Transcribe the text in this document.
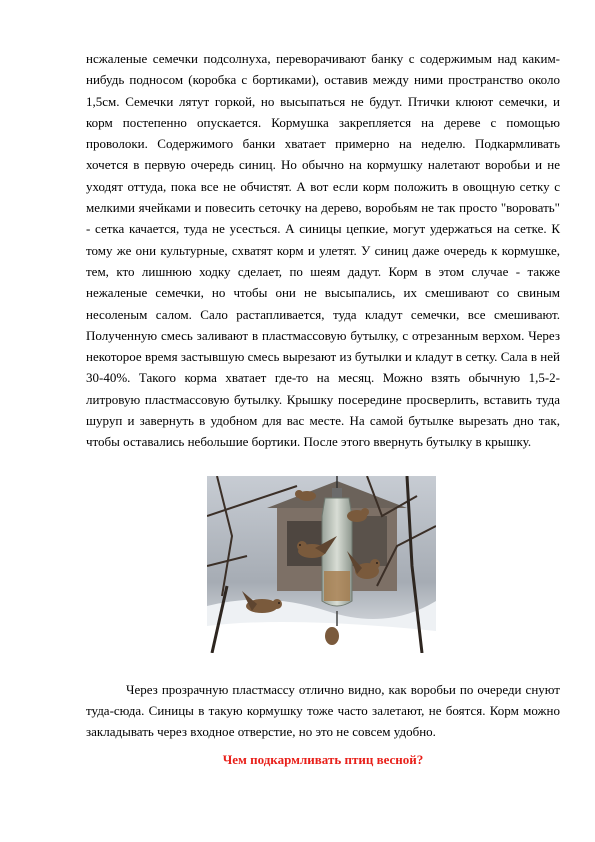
нсжаленые семечки подсолнуха, переворачивают банку с содержимым над каким-нибудь подносом (коробка с бортиками), оставив между ними пространство около 1,5см. Семечки лятут горкой, но высыпаться не будут. Птички клюют семечки, и корм постепенно опускается. Кормушка закрепляется на дереве с помощью проволоки. Содержимого банки хватает примерно на неделю. Подкармливать хочется в первую очередь синиц. Но обычно на кормушку налетают воробьи и не уходят оттуда, пока все не обчистят. А вот если корм положить в овощную сетку с мелкими ячейками и повесить сеточку на дерево, воробьям не так просто "воровать" - сетка качается, туда не усесться. А синицы цепкие, могут удержаться на сетке. К тому же они культурные, схватят корм и улетят. У синиц даже очередь к кормушке, тем, кто лишнюю ходку сделает, по шеям дадут. Корм в этом случае - также нежаленые семечки, но чтобы они не высыпались, их смешивают со свиным несоленым салом. Сало растапливается, туда кладут семечки, все смешивают. Полученную смесь заливают в пластмассовую бутылку, с отрезанным верхом. Через некоторое время застывшую смесь вырезают из бутылки и кладут в сетку. Сала в ней 30-40%. Такого корма хватает где-то на месяц. Можно взять обычную 1,5-2-литровую пластмассовую бутылку. Крышку посередине просверлить, вставить туда шуруп и завернуть в удобном для вас месте. На самой бутылке вырезать дно так, чтобы оставались небольшие бортики. После этого ввернуть бутылку в крышку.

Через прозрачную пластмассу отлично видно, как воробьи по очереди снуют туда-сюда. Синицы в такую кормушку тоже часто залетают, не боятся. Корм можно закладывать через входное отверстие, но это не совсем удобно.

Чем подкармливать птиц весной?
